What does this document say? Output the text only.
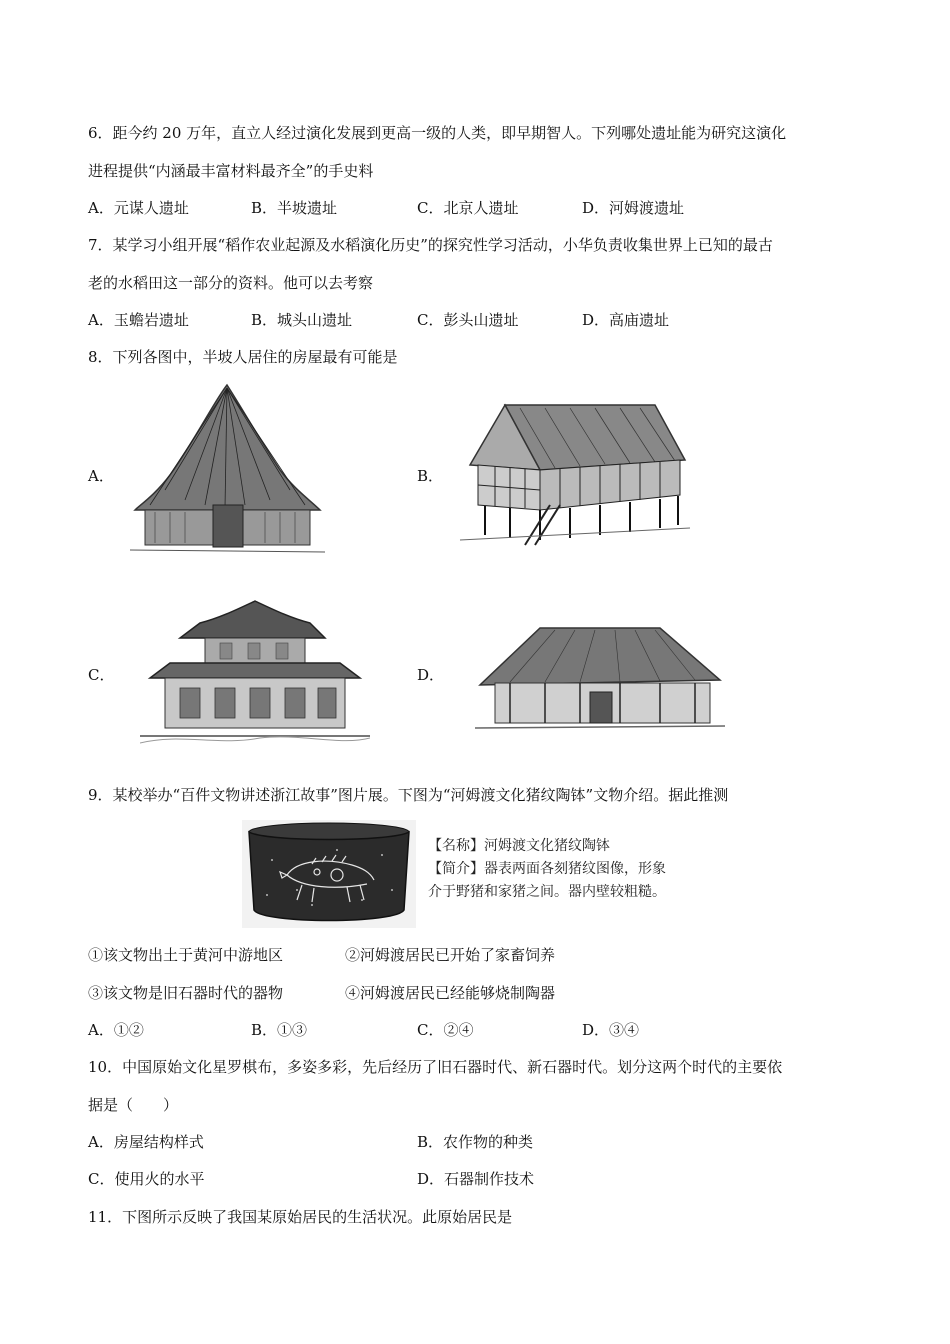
6．距今约 20 万年，直立人经过演化发展到更高一级的人类，即早期智人。下列哪处遗址能为研究这演化
进程提供“内涵最丰富材料最齐全”的手史料
A．元谋人遗址	B．半坡遗址	C．北京人遗址	D．河姆渡遗址
7．某学习小组开展“稻作农业起源及水稻演化历史”的探究性学习活动，小华负责收集世界上已知的最古
老的水稻田这一部分的资料。他可以去考察
A．玉蟾岩遗址	B．城头山遗址	C．彭头山遗址	D．高庙遗址
8．下列各图中，半坡人居住的房屋最有可能是
A．	B．
C．	D．
9．某校举办“百件文物讲述浙江故事”图片展。下图为“河姆渡文化猪纹陶钵”文物介绍。据此推测
【名称】河姆渡文化猪纹陶钵
【简介】器表两面各刻猪纹图像，形象
介于野猪和家猪之间。器内壁较粗糙。
①该文物出土于黄河中游地区	②河姆渡居民已开始了家畜饲养
③该文物是旧石器时代的器物	④河姆渡居民已经能够烧制陶器
A．①②	B．①③	C．②④	D．③④
10．中国原始文化星罗棋布，多姿多彩，先后经历了旧石器时代、新石器时代。划分这两个时代的主要依
据是（　　）
A．房屋结构样式	B．农作物的种类
C．使用火的水平	D．石器制作技术
11．下图所示反映了我国某原始居民的生活状况。此原始居民是
